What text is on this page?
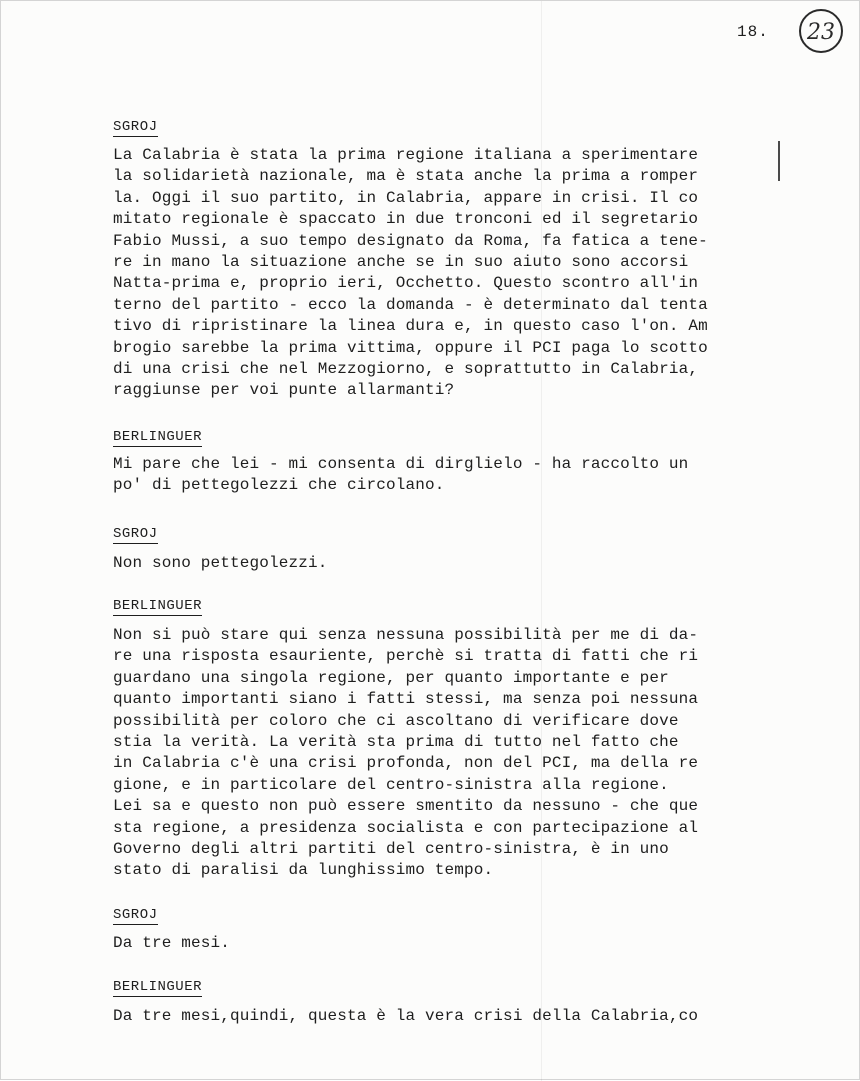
18.	23
SGROJ
La Calabria è stata la prima regione italiana a sperimentare
la solidarietà nazionale, ma è stata anche la prima a romper
la. Oggi il suo partito, in Calabria, appare in crisi. Il co
mitato regionale è spaccato in due tronconi ed il segretario
Fabio Mussi, a suo tempo designato da Roma, fa fatica a tene-
re in mano la situazione anche se in suo aiuto sono accorsi
Natta-prima e, proprio ieri, Occhetto. Questo scontro all'in
terno del partito - ecco la domanda - è determinato dal tenta
tivo di ripristinare la linea dura e, in questo caso l'on. Am
brogio sarebbe la prima vittima, oppure il PCI paga lo scotto
di una crisi che nel Mezzogiorno, e soprattutto in Calabria,
raggiunse per voi punte allarmanti?
BERLINGUER
Mi pare che lei - mi consenta di dirglielo - ha raccolto un
po' di pettegolezzi che circolano.
SGROJ
Non sono pettegolezzi.
BERLINGUER
Non si può stare qui senza nessuna possibilità per me di da-
re una risposta esauriente, perchè si tratta di fatti che ri
guardano una singola regione, per quanto importante e per
quanto importanti siano i fatti stessi, ma senza poi nessuna
possibilità per coloro che ci ascoltano di verificare dove
stia la verità. La verità sta prima di tutto nel fatto che
in Calabria c'è una crisi profonda, non del PCI, ma della re
gione, e in particolare del centro-sinistra alla regione.
Lei sa e questo non può essere smentito da nessuno - che que
sta regione, a presidenza socialista e con partecipazione al
Governo degli altri partiti del centro-sinistra, è in uno
stato di paralisi da lunghissimo tempo.
SGROJ
Da tre mesi.
BERLINGUER
Da tre mesi,quindi, questa è la vera crisi della Calabria,co
